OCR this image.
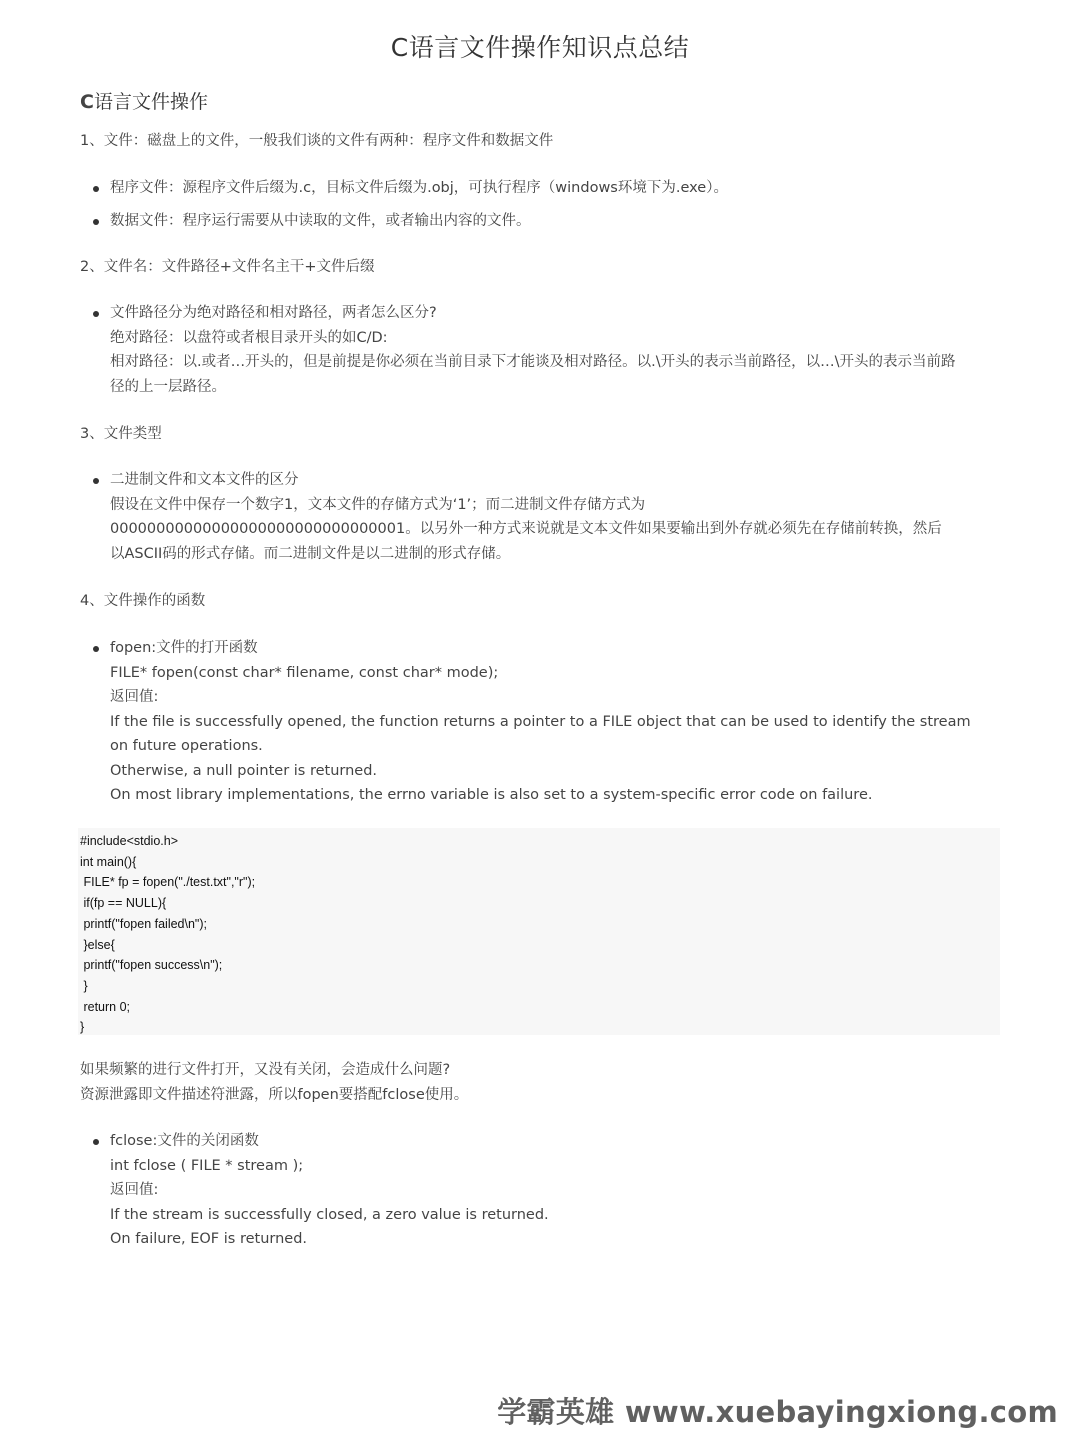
C语言文件操作知识点总结
C语言文件操作
1、文件：磁盘上的文件，一般我们谈的文件有两种：程序文件和数据文件
程序文件：源程序文件后缀为.c，目标文件后缀为.obj，可执行程序（windows环境下为.exe）。
数据文件：程序运行需要从中读取的文件，或者输出内容的文件。
2、文件名：文件路径+文件名主干+文件后缀
文件路径分为绝对路径和相对路径，两者怎么区分?
绝对路径：以盘符或者根目录开头的如C/D:
相对路径：以.或者…开头的，但是前提是你必须在当前目录下才能谈及相对路径。以.\开头的表示当前路径，以…\开头的表示当前路
径的上一层路径。
3、文件类型
二进制文件和文本文件的区分
假设在文件中保存一个数字1，文本文件的存储方式为‘1’；而二进制文件存储方式为
00000000000000000000000000000001。以另外一种方式来说就是文本文件如果要输出到外存就必须先在存储前转换，然后
以ASCII码的形式存储。而二进制文件是以二进制的形式存储。
4、文件操作的函数
fopen:文件的打开函数
FILE* fopen(const char* filename, const char* mode);
返回值:
If the file is successfully opened, the function returns a pointer to a FILE object that can be used to identify the stream
on future operations.
Otherwise, a null pointer is returned.
On most library implementations, the errno variable is also set to a system-specific error code on failure.
#include<stdio.h>
int main(){
FILE* fp = fopen("./test.txt","r");
if(fp == NULL){
printf("fopen failed\n");
}else{
printf("fopen success\n");
}
return 0;
}
如果频繁的进行文件打开，又没有关闭，会造成什么问题?
资源泄露即文件描述符泄露，所以fopen要搭配fclose使用。
fclose:文件的关闭函数
int fclose ( FILE * stream );
返回值:
If the stream is successfully closed, a zero value is returned.
On failure, EOF is returned.
学霸英雄 www.xuebayingxiong.com
